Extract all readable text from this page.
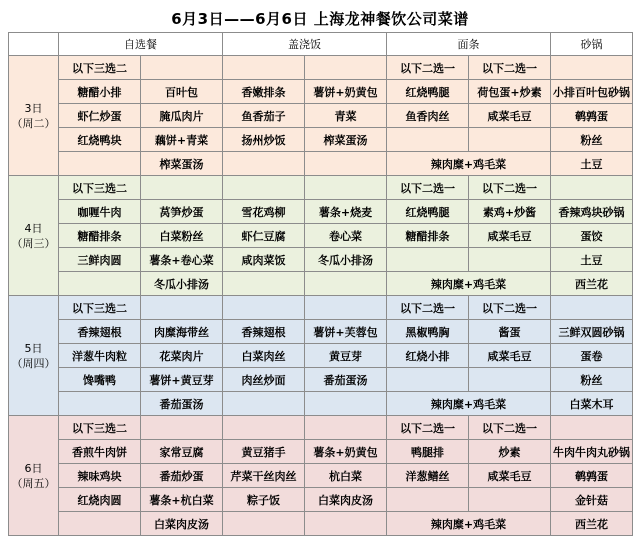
6月3日——6月6日 上海龙神餐饮公司菜谱
	自选餐		盖浇饭		面条		砂锅

3日
（周二）	以下三选二				以下二选一	以下二选一	
	糖醋小排	百叶包	香嫩排条	薯饼+奶黄包	红烧鸭腿	荷包蛋+炒素	小排百叶包砂锅
	虾仁炒蛋	腌瓜肉片	鱼香茄子	青菜	鱼香肉丝	咸菜毛豆	鹌鹑蛋
	红烧鸭块	藕饼+青菜	扬州炒饭	榨菜蛋汤			粉丝
		榨菜蛋汤			辣肉糜+鸡毛菜		土豆

4日
（周三）	以下三选二				以下二选一	以下二选一	
	咖喱牛肉	莴笋炒蛋	雪花鸡柳	薯条+烧麦	红烧鸭腿	素鸡+炒酱	香辣鸡块砂锅
	糖醋排条	白菜粉丝	虾仁豆腐	卷心菜	糖醋排条	咸菜毛豆	蛋饺
	三鲜肉圆	薯条+卷心菜	咸肉菜饭	冬瓜小排汤			土豆
		冬瓜小排汤			辣肉糜+鸡毛菜		西兰花

5日
（周四）	以下三选二				以下二选一	以下二选一	
	香辣翅根	肉糜海带丝	香辣翅根	薯饼+芙蓉包	黑椒鸭胸	酱蛋	三鲜双圆砂锅
	洋葱牛肉粒	花菜肉片	白菜肉丝	黄豆芽	红烧小排	咸菜毛豆	蛋卷
	馋嘴鸭	薯饼+黄豆芽	肉丝炒面	番茄蛋汤			粉丝
		番茄蛋汤			辣肉糜+鸡毛菜		白菜木耳

6日
（周五）	以下三选二				以下二选一	以下二选一	
	香煎牛肉饼	家常豆腐	黄豆猪手	薯条+奶黄包	鸭腿排	炒素	牛肉牛肉丸砂锅
	辣味鸡块	番茄炒蛋	芹菜干丝肉丝	杭白菜	洋葱鳝丝	咸菜毛豆	鹌鹑蛋
	红烧肉圆	薯条+杭白菜	粽子饭	白菜肉皮汤			金针菇
		白菜肉皮汤			辣肉糜+鸡毛菜		西兰花
